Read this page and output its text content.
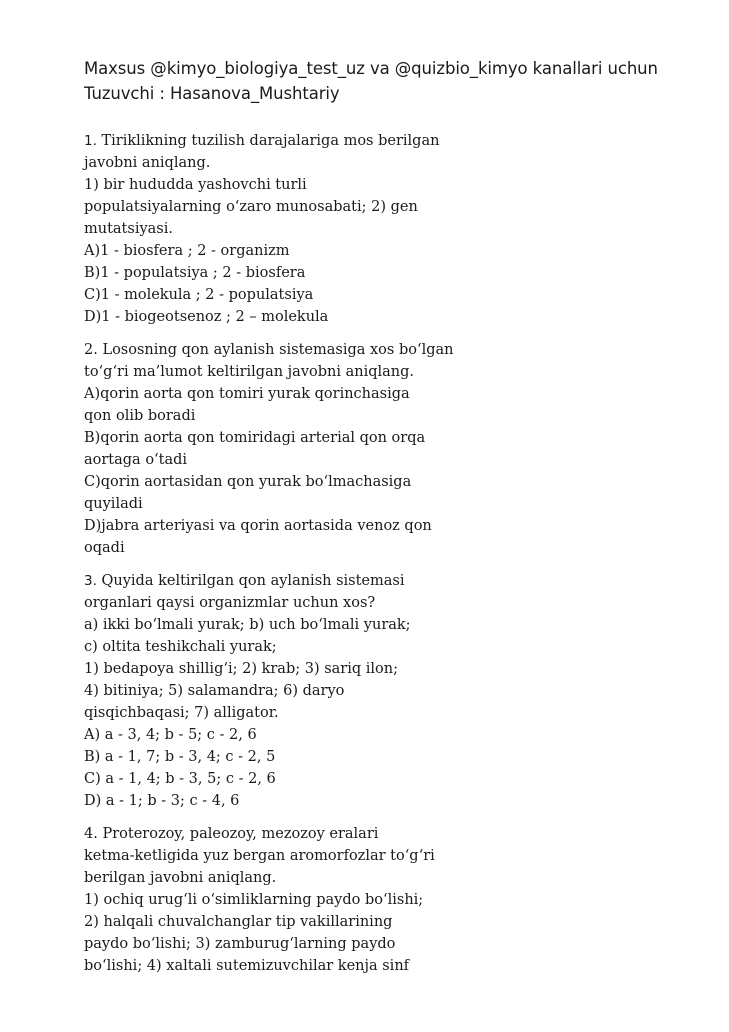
Maxsus @kimyo_biologiya_test_uz va @quizbio_kimyo kanallari uchun
Tuzuvchi : Hasanova_Mushtariy
1. Tiriklikning tuzilish darajalariga mos berilgan
javobni aniqlang.
1) bir hududda yashovchi turli
populatsiyalarning o‘zaro munosabati; 2) gen
mutatsiyasi.
A)1 - biosfera ; 2 - organizm
B)1 - populatsiya ; 2 - biosfera
C)1 - molekula ; 2 - populatsiya
D)1 - biogeotsenoz ; 2 – molekula
2. Lososning qon aylanish sistemasiga xos bo‘lgan
to‘g‘ri ma’lumot keltirilgan javobni aniqlang.
A)qorin aorta qon tomiri yurak qorinchasiga
qon olib boradi
B)qorin aorta qon tomiridagi arterial qon orqa
aortaga o‘tadi
C)qorin aortasidan qon yurak bo‘lmachasiga
quyiladi
D)jabra arteriyasi va qorin aortasida venoz qon
oqadi
3. Quyida keltirilgan qon aylanish sistemasi
organlari qaysi organizmlar uchun xos?
a) ikki bo‘lmali yurak; b) uch bo‘lmali yurak;
c) oltita teshikchali yurak;
1) bedapoya shillig‘i; 2) krab; 3) sariq ilon;
4) bitiniya; 5) salamandra; 6) daryo
qisqichbaqasi; 7) alligator.
A) a - 3, 4; b - 5; c - 2, 6
B) a - 1, 7; b - 3, 4; c - 2, 5
C) a - 1, 4; b - 3, 5; c - 2, 6
D) a - 1; b - 3; c - 4, 6
4. Proterozoy, paleozoy, mezozoy eralari
ketma-ketligida yuz bergan aromorfozlar to‘g‘ri
berilgan javobni aniqlang.
1) ochiq urug‘li o‘simliklarning paydo bo‘lishi;
2) halqali chuvalchanglar tip vakillarining
paydo bo‘lishi; 3) zamburug‘larning paydo
bo‘lishi; 4) xaltali sutemizuvchilar kenja sinf
